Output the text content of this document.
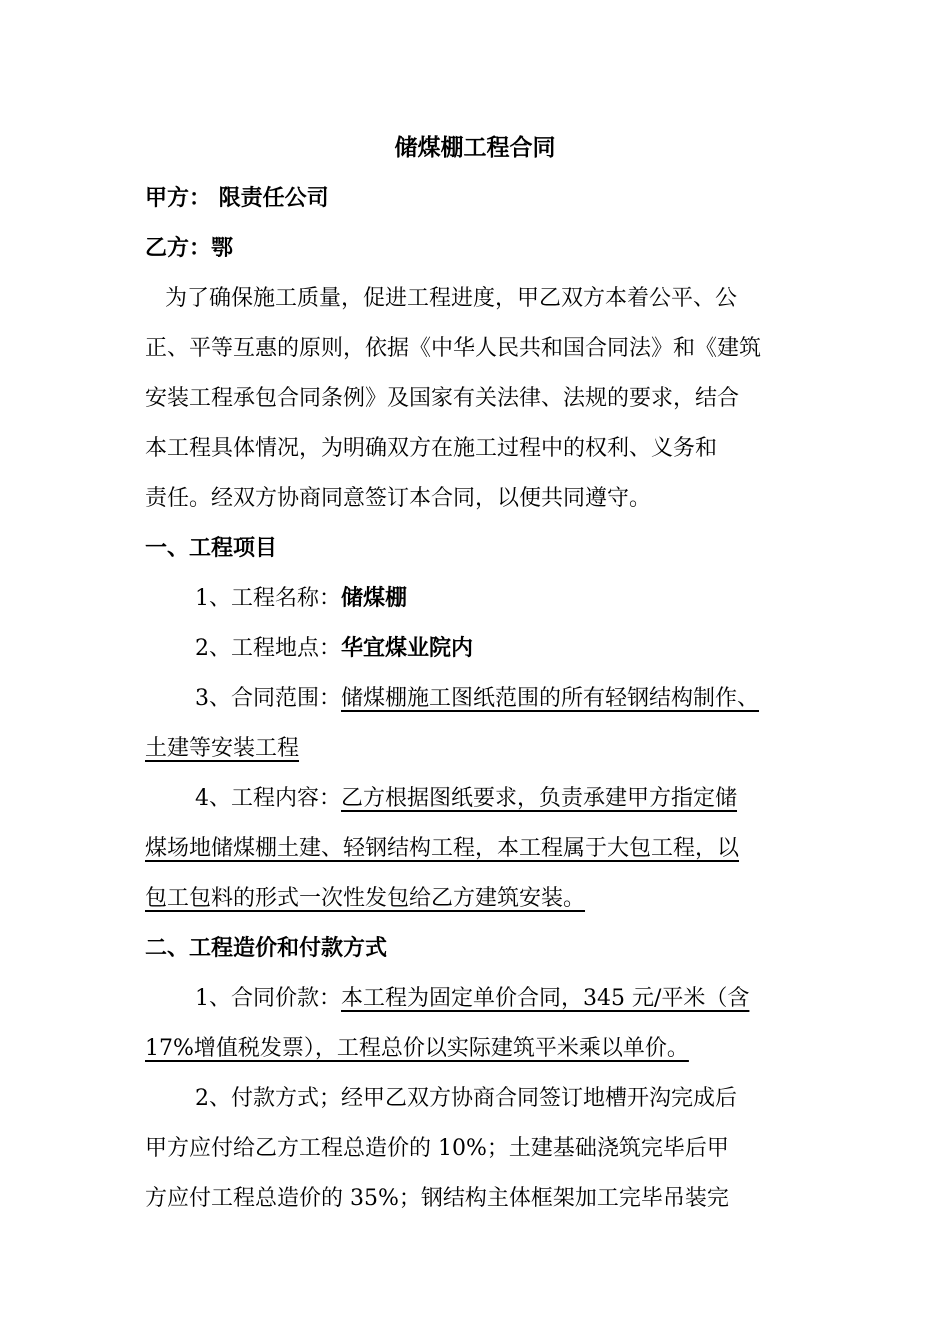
储煤棚工程合同
甲方： 限责任公司
乙方：鄂
为了确保施工质量，促进工程进度，甲乙双方本着公平、公
正、平等互惠的原则，依据《中华人民共和国合同法》和《建筑
安装工程承包合同条例》及国家有关法律、法规的要求，结合
本工程具体情况，为明确双方在施工过程中的权利、义务和
责任。经双方协商同意签订本合同，以便共同遵守。
一、工程项目
1、工程名称：储煤棚
2、工程地点：华宜煤业院内
3、合同范围：储煤棚施工图纸范围的所有轻钢结构制作、
土建等安装工程
4、工程内容：乙方根据图纸要求，负责承建甲方指定储
煤场地储煤棚土建、轻钢结构工程，本工程属于大包工程，以
包工包料的形式一次性发包给乙方建筑安装。
二、工程造价和付款方式
1、合同价款：本工程为固定单价合同，345 元/平米（含
17%增值税发票），工程总价以实际建筑平米乘以单价。
2、付款方式；经甲乙双方协商合同签订地槽开沟完成后
甲方应付给乙方工程总造价的 10%；土建基础浇筑完毕后甲
方应付工程总造价的 35%；钢结构主体框架加工完毕吊装完
